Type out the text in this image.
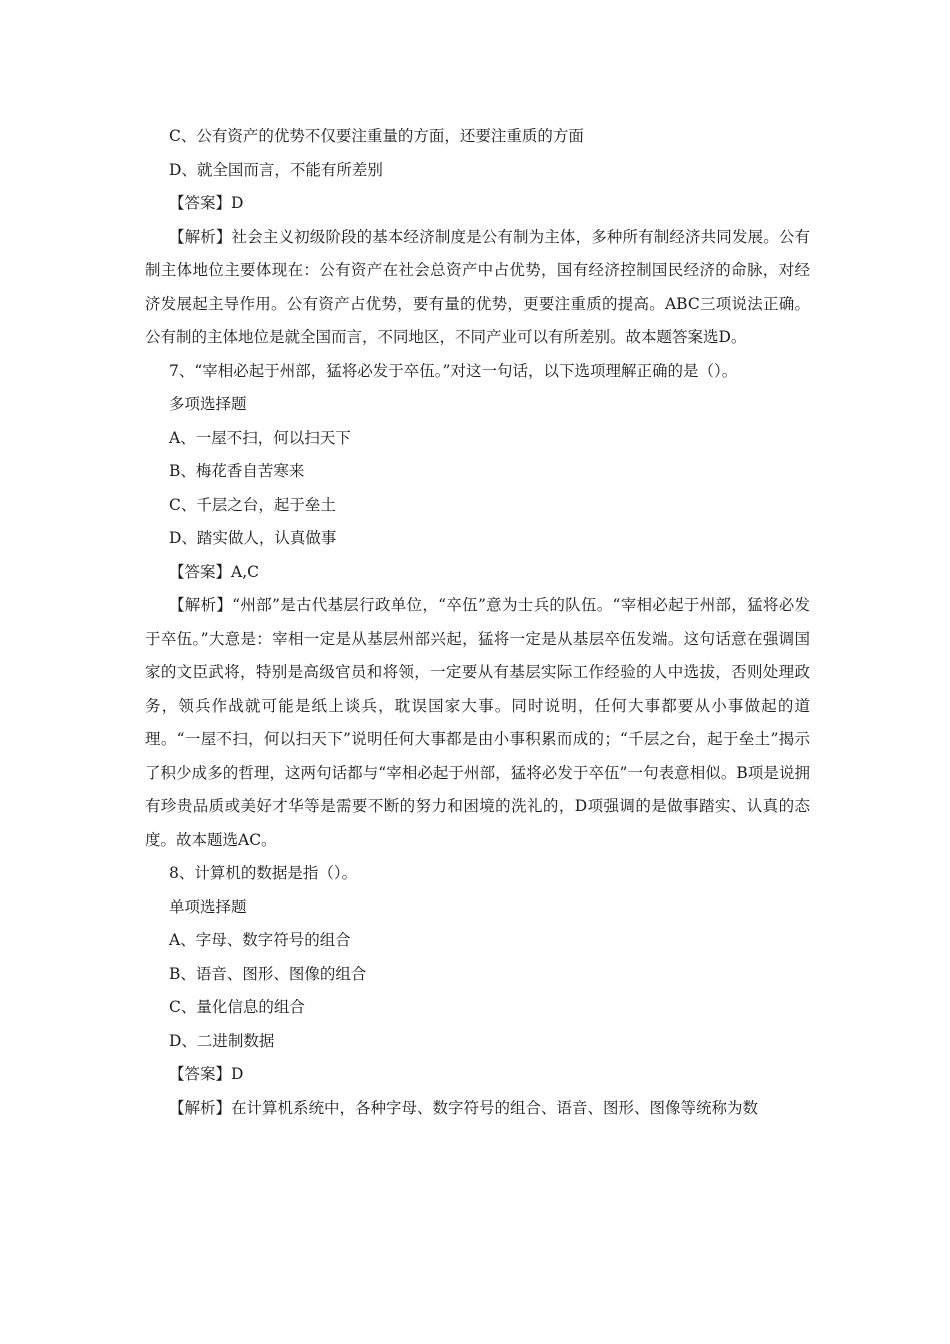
C、公有资产的优势不仅要注重量的方面，还要注重质的方面
D、就全国而言，不能有所差别
【答案】D
【解析】社会主义初级阶段的基本经济制度是公有制为主体，多种所有制经济共同发展。公有制主体地位主要体现在：公有资产在社会总资产中占优势，国有经济控制国民经济的命脉，对经济发展起主导作用。公有资产占优势，要有量的优势，更要注重质的提高。ABC三项说法正确。公有制的主体地位是就全国而言，不同地区，不同产业可以有所差别。故本题答案选D。
7、“宰相必起于州部，猛将必发于卒伍。”对这一句话，以下选项理解正确的是（）。
多项选择题
A、一屋不扫，何以扫天下
B、梅花香自苦寒来
C、千层之台，起于垒土
D、踏实做人，认真做事
【答案】A,C
【解析】“州部”是古代基层行政单位，“卒伍”意为士兵的队伍。“宰相必起于州部，猛将必发于卒伍。”大意是：宰相一定是从基层州部兴起，猛将一定是从基层卒伍发端。这句话意在强调国家的文臣武将，特别是高级官员和将领，一定要从有基层实际工作经验的人中选拔，否则处理政务，领兵作战就可能是纸上谈兵，耽误国家大事。同时说明，任何大事都要从小事做起的道理。“一屋不扫，何以扫天下”说明任何大事都是由小事积累而成的；“千层之台，起于垒土”揭示了积少成多的哲理，这两句话都与“宰相必起于州部，猛将必发于卒伍”一句表意相似。B项是说拥有珍贵品质或美好才华等是需要不断的努力和困境的洗礼的，D项强调的是做事踏实、认真的态度。故本题选AC。
8、计算机的数据是指（）。
单项选择题
A、字母、数字符号的组合
B、语音、图形、图像的组合
C、量化信息的组合
D、二进制数据
【答案】D
【解析】在计算机系统中，各种字母、数字符号的组合、语音、图形、图像等统称为数
